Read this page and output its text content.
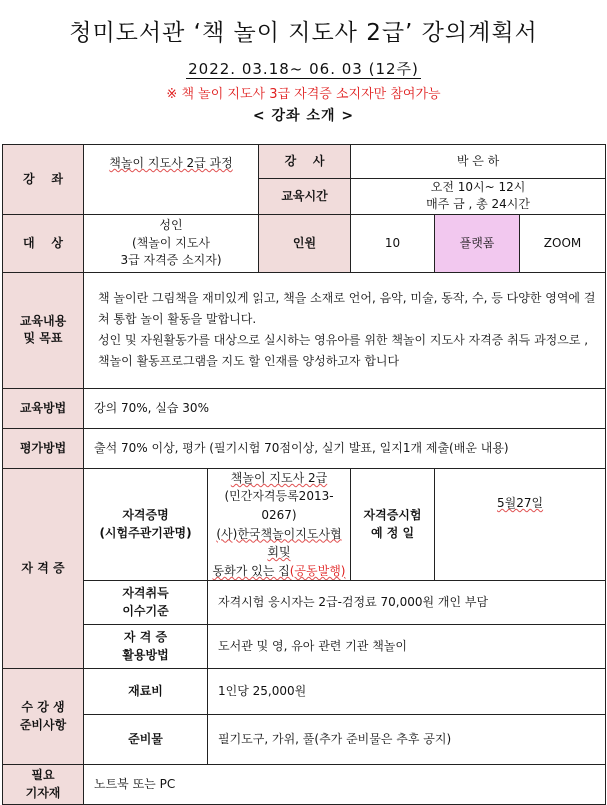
청미도서관 ‘책 놀이 지도사 2급’ 강의계획서
2022. 03.18~ 06. 03 (12주)
※ 책 놀이 지도사 3급 자격증 소지자만 참여가능
< 강좌 소개 >
강    좌	책놀이 지도사 2급 과정		강    사	박 은 하		
			교육시간	오전 10시~ 12시
매주 금 , 총 24시간		
대    상	성인
(책놀이 지도사
3급 자격증 소지자)		인원	10	플랫폼	ZOOM
교육내용
및 목표	책 놀이란 그림책을 재미있게 읽고, 책을 소재로 언어, 음악, 미술, 동작, 수, 등 다양한 영역에 걸쳐 통합 놀이 활동을 말합니다.
성인 및 자원활동가를 대상으로 실시하는 영유아를 위한 책놀이 지도사 자격증 취득 과정으로 , 책놀이 활동프로그램을 지도 할 인재를 양성하고자 합니다					
교육방법	강의 70%, 실습 30%					
평가방법	출석 70% 이상, 평가 (필기시험 70점이상, 실기 발표, 일지1개 제출(배운 내용)					
자 격 증	자격증명
(시험주관기관명)	책놀이 지도사 2급
(민간자격등록2013-0267)
(사)한국책놀이지도사협회및
동화가 있는 집(공동발행)		자격증시험
예 정 일	5월27일	
	자격취득
이수기준	자격시험 응시자는 2급-검정료 70,000원 개인 부담				
	자 격 증
활용방법	도서관 및 영, 유아 관련 기관 책놀이				
수 강 생
준비사항	재료비	1인당 25,000원				
	준비물	필기도구, 가위, 풀(추가 준비물은 추후 공지)				
필요
기자재	노트북 또는 PC					
